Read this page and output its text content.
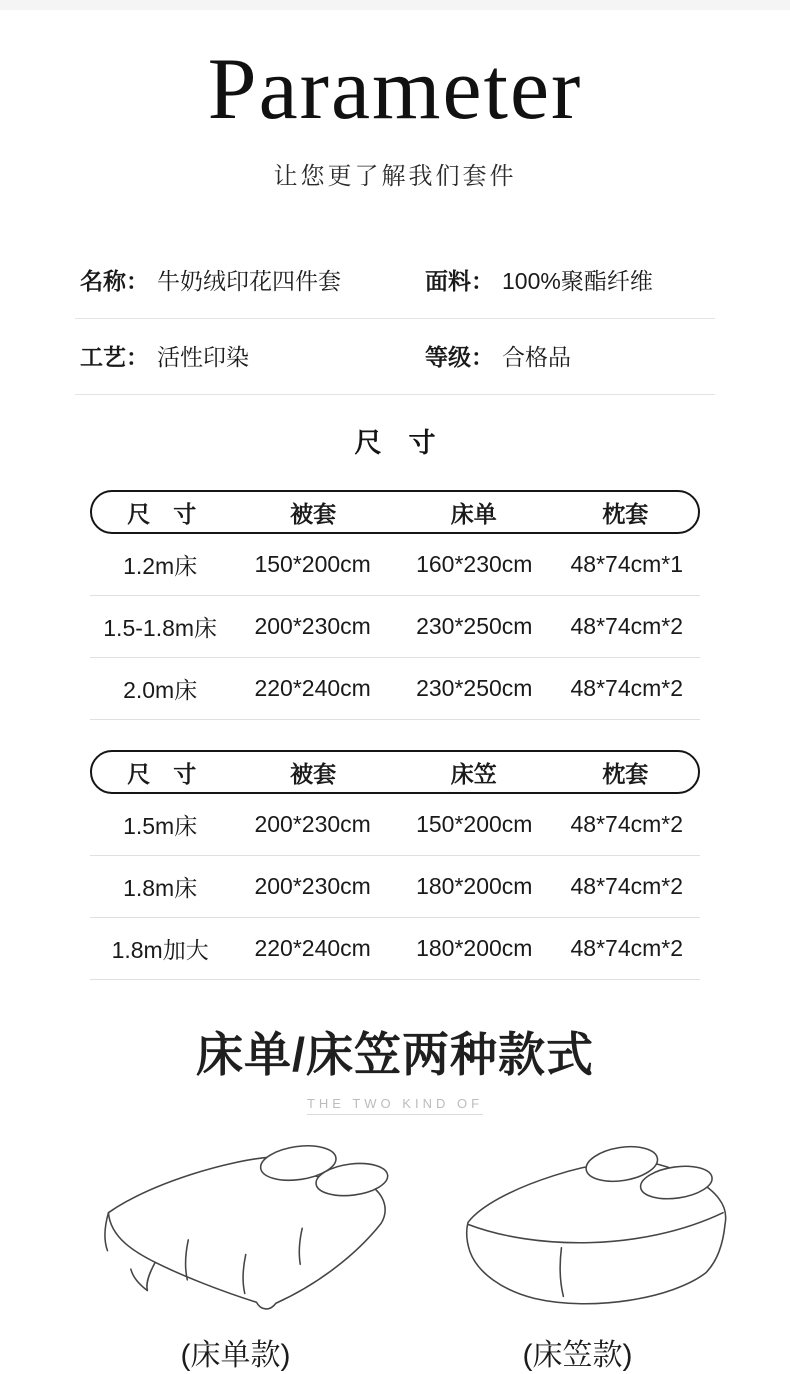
Parameter
让您更了解我们套件
名称： 牛奶绒印花四件套	面料： 100%聚酯纤维
工艺： 活性印染	等级： 合格品
尺　寸
尺　寸	被套	床单	枕套
1.2m床	150*200cm	160*230cm	48*74cm*1
1.5-1.8m床	200*230cm	230*250cm	48*74cm*2
2.0m床	220*240cm	230*250cm	48*74cm*2
尺　寸	被套	床笠	枕套
1.5m床	200*230cm	150*200cm	48*74cm*2
1.8m床	200*230cm	180*200cm	48*74cm*2
1.8m加大	220*240cm	180*200cm	48*74cm*2
床单/床笠两种款式
THE TWO KIND OF
(床单款)	(床笠款)
